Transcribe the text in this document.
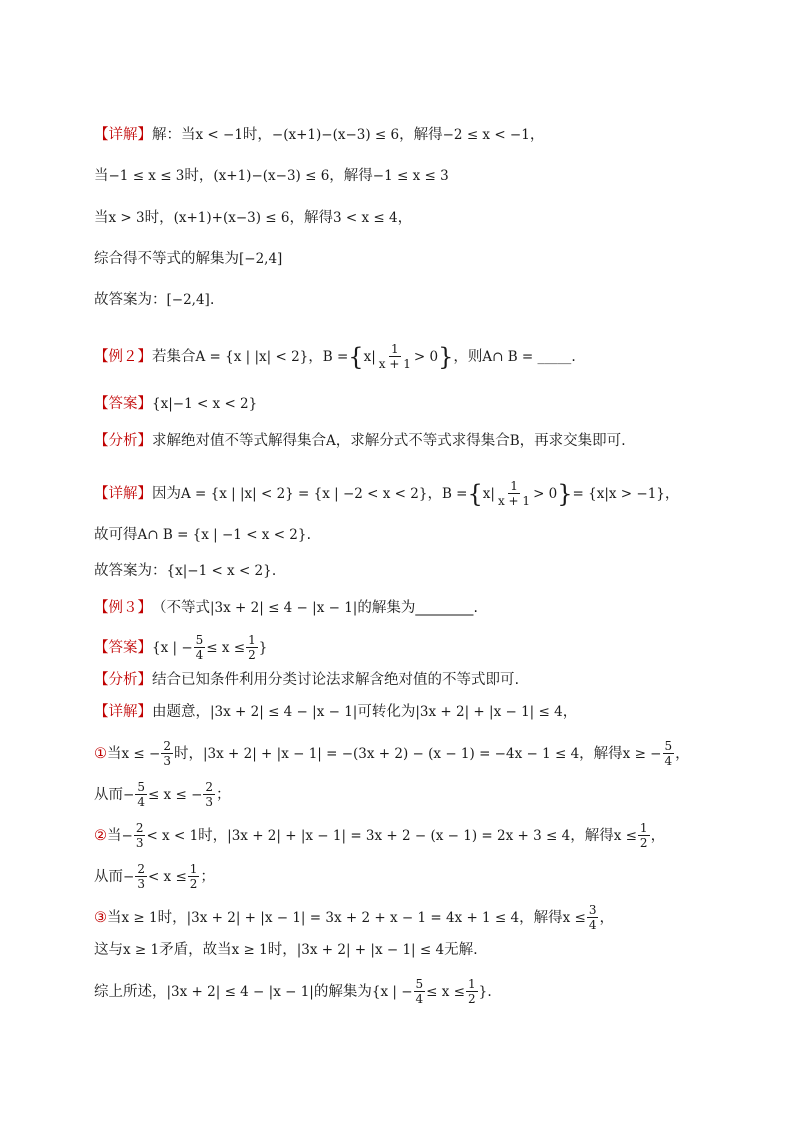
【详解】 解：当 x < −1 时， −(x+1)−(x−3) ≤ 6 ，解得 −2 ≤ x < −1 ，
当 −1 ≤ x ≤ 3 时， (x+1)−(x−3) ≤ 6 ，解得 −1 ≤ x ≤ 3
当 x > 3 时， (x+1)+(x−3) ≤ 6 ，解得 3 < x ≤ 4 ，
综合得不等式的解集为 [−2,4]
故答案为： [−2,4] .
【例２】 若集合 A = {x | |x| < 2} ， B = { x | $\frac{1}{x + 1} > 0$ } ，则 A∩ B = _____ .
【答案】 {x|−1 < x < 2}
【分析】 求解绝对值不等式解得集合 A ，求解分式不等式求得集合 B ，再求交集即可.
【详解】 因为 A = {x | |x| < 2} = {x | −2 < x < 2} ， B = { x | $\frac{1}{x + 1} > 0$ } = {x|x > −1} ，
故可得 A∩ B = {x | −1 < x < 2} .
故答案为： {x|−1 < x < 2} .
【例３】 （不等式 |3x + 2| ≤ 4 − |x − 1| 的解集为________.
【答案】 {x | − $\frac{5}{4} \le x \le \frac{1}{2}$ }
【分析】 结合已知条件利用分类讨论法求解含绝对值的不等式即可.
【详解】 由题意， |3x + 2| ≤ 4 − |x − 1| 可转化为 |3x + 2| + |x − 1| ≤ 4 ，
① 当 x ≤ − $\frac{2}{3}$ 时， |3x + 2| + |x − 1| = −(3x + 2) − (x − 1) = −4x − 1 ≤ 4 ，解得 x ≥ − $\frac{5}{4}$ ，
从而 − $\frac{5}{4} \le x$ ≤ − $\frac{2}{3}$ ；
② 当 − $\frac{2}{3} < x < 1$ 时， |3x + 2| + |x − 1| = 3x + 2 − (x − 1) = 2x + 3 ≤ 4 ，解得 $x \le \frac{1}{2}$ ，
从而 − $\frac{2}{3} < x \le \frac{1}{2}$ ；
③ 当 x ≥ 1 时， |3x + 2| + |x − 1| = 3x + 2 + x − 1 = 4x + 1 ≤ 4 ，解得 $x \le \frac{3}{4}$ ，
这与 x ≥ 1 矛盾，故当 x ≥ 1 时， |3x + 2| + |x − 1| ≤ 4 无解.
综上所述， |3x + 2| ≤ 4 − |x − 1| 的解集为 {x | − $\frac{5}{4} \le x \le \frac{1}{2}$ } .
